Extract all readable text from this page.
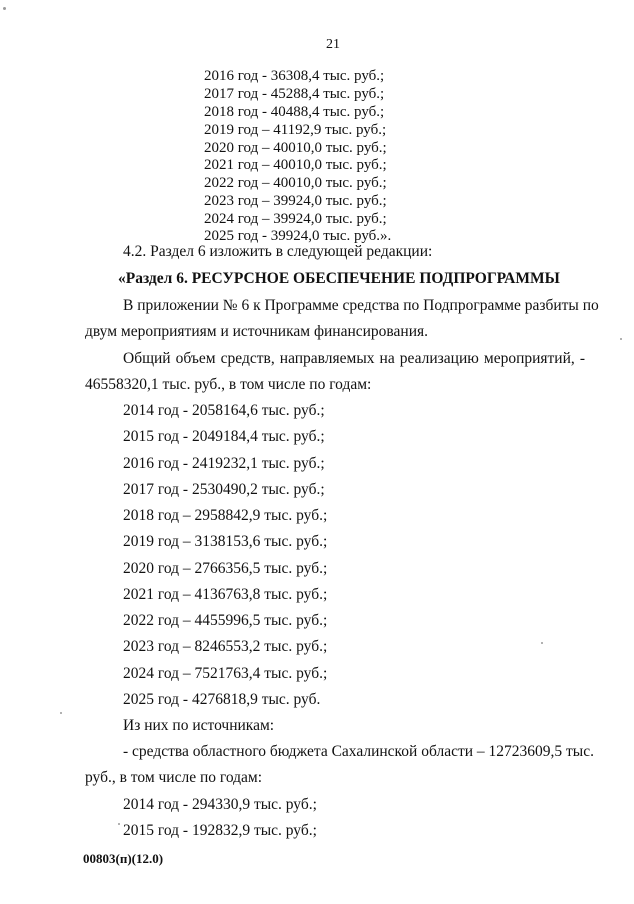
21
2016 год - 36308,4 тыс. руб.;
2017 год - 45288,4 тыс. руб.;
2018 год - 40488,4 тыс. руб.;
2019 год – 41192,9 тыс. руб.;
2020 год – 40010,0 тыс. руб.;
2021 год – 40010,0 тыс. руб.;
2022 год – 40010,0 тыс. руб.;
2023 год – 39924,0 тыс. руб.;
2024 год – 39924,0 тыс. руб.;
2025 год - 39924,0 тыс. руб.».
4.2. Раздел 6 изложить в следующей редакции:
«Раздел 6. РЕСУРСНОЕ ОБЕСПЕЧЕНИЕ ПОДПРОГРАММЫ
В приложении № 6 к Программе средства по Подпрограмме разбиты по
двум мероприятиям и источникам финансирования.
Общий объем средств, направляемых на реализацию мероприятий, -
46558320,1 тыс. руб., в том числе по годам:
2014 год - 2058164,6 тыс. руб.;
2015 год - 2049184,4 тыс. руб.;
2016 год - 2419232,1 тыс. руб.;
2017 год - 2530490,2 тыс. руб.;
2018 год – 2958842,9 тыс. руб.;
2019 год – 3138153,6 тыс. руб.;
2020 год – 2766356,5 тыс. руб.;
2021 год – 4136763,8 тыс. руб.;
2022 год – 4455996,5 тыс. руб.;
2023 год – 8246553,2 тыс. руб.;
2024 год – 7521763,4 тыс. руб.;
2025 год - 4276818,9 тыс. руб.
Из них по источникам:
- средства областного бюджета Сахалинской области – 12723609,5 тыс.
руб., в том числе по годам:
2014 год - 294330,9 тыс. руб.;
2015 год - 192832,9 тыс. руб.;
00803(п)(12.0)
